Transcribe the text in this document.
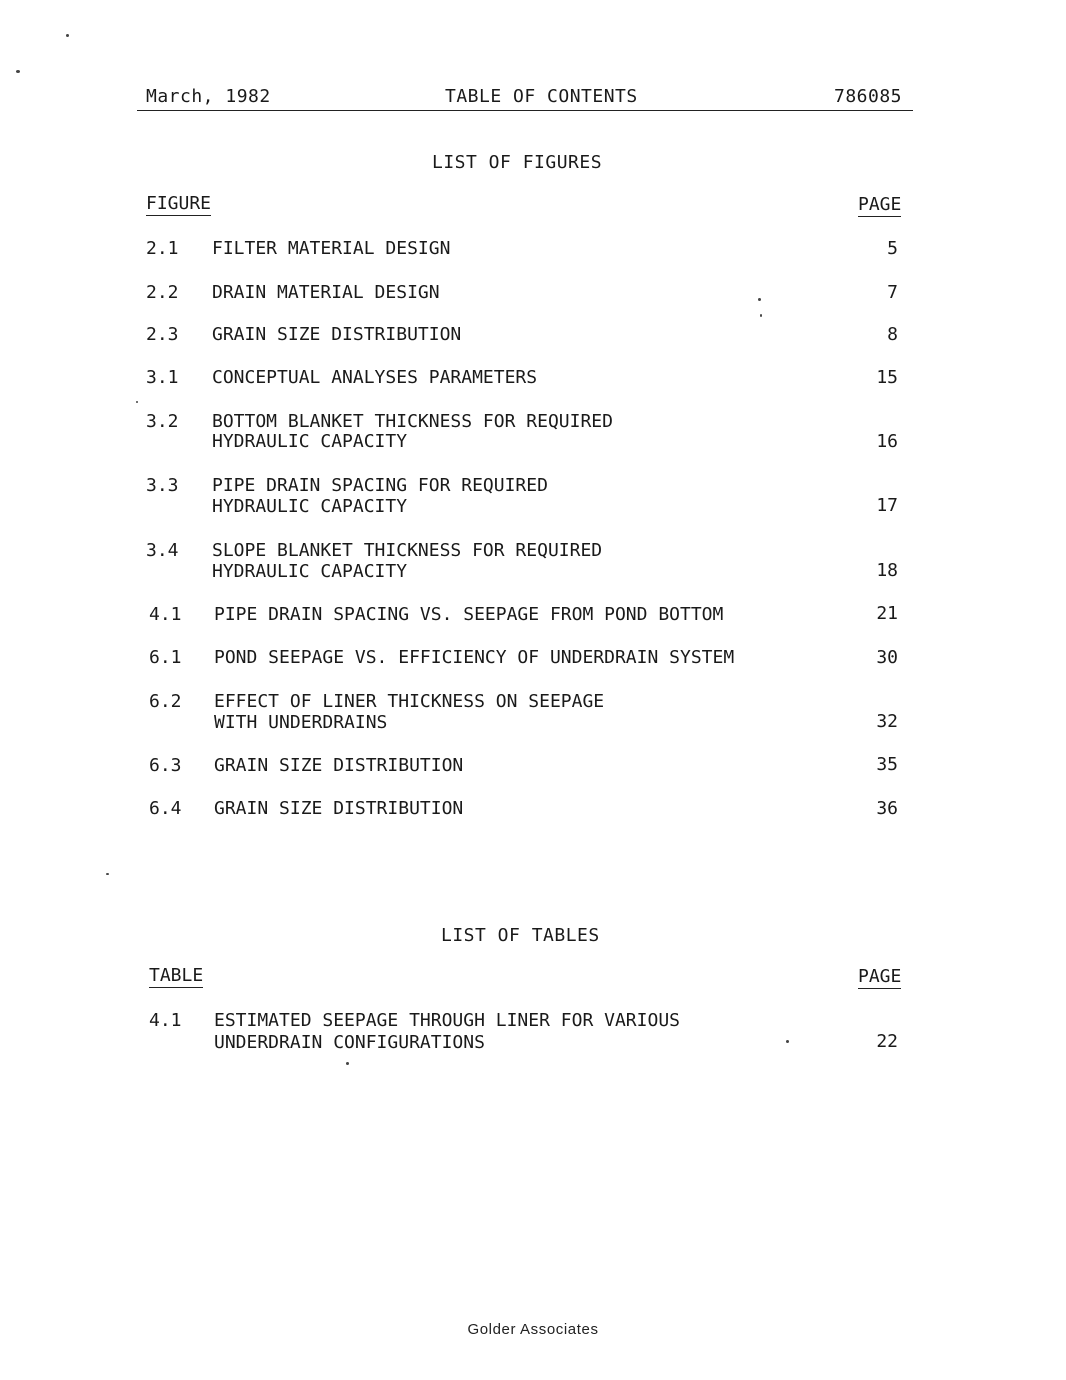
March, 1982	TABLE OF CONTENTS	786085
LIST OF FIGURES
FIGURE	PAGE
2.1 FILTER MATERIAL DESIGN	5
2.2 DRAIN MATERIAL DESIGN	7
2.3 GRAIN SIZE DISTRIBUTION	8
3.1 CONCEPTUAL ANALYSES PARAMETERS	15
3.2 BOTTOM BLANKET THICKNESS FOR REQUIRED
HYDRAULIC CAPACITY	16
3.3 PIPE DRAIN SPACING FOR REQUIRED
HYDRAULIC CAPACITY	17
3.4 SLOPE BLANKET THICKNESS FOR REQUIRED
HYDRAULIC CAPACITY	18
4.1 PIPE DRAIN SPACING VS. SEEPAGE FROM POND BOTTOM	21
6.1 POND SEEPAGE VS. EFFICIENCY OF UNDERDRAIN SYSTEM	30
6.2 EFFECT OF LINER THICKNESS ON SEEPAGE
WITH UNDERDRAINS	32
6.3 GRAIN SIZE DISTRIBUTION	35
6.4 GRAIN SIZE DISTRIBUTION	36
LIST OF TABLES
TABLE	PAGE
4.1 ESTIMATED SEEPAGE THROUGH LINER FOR VARIOUS
UNDERDRAIN CONFIGURATIONS	22
Golder Associates
